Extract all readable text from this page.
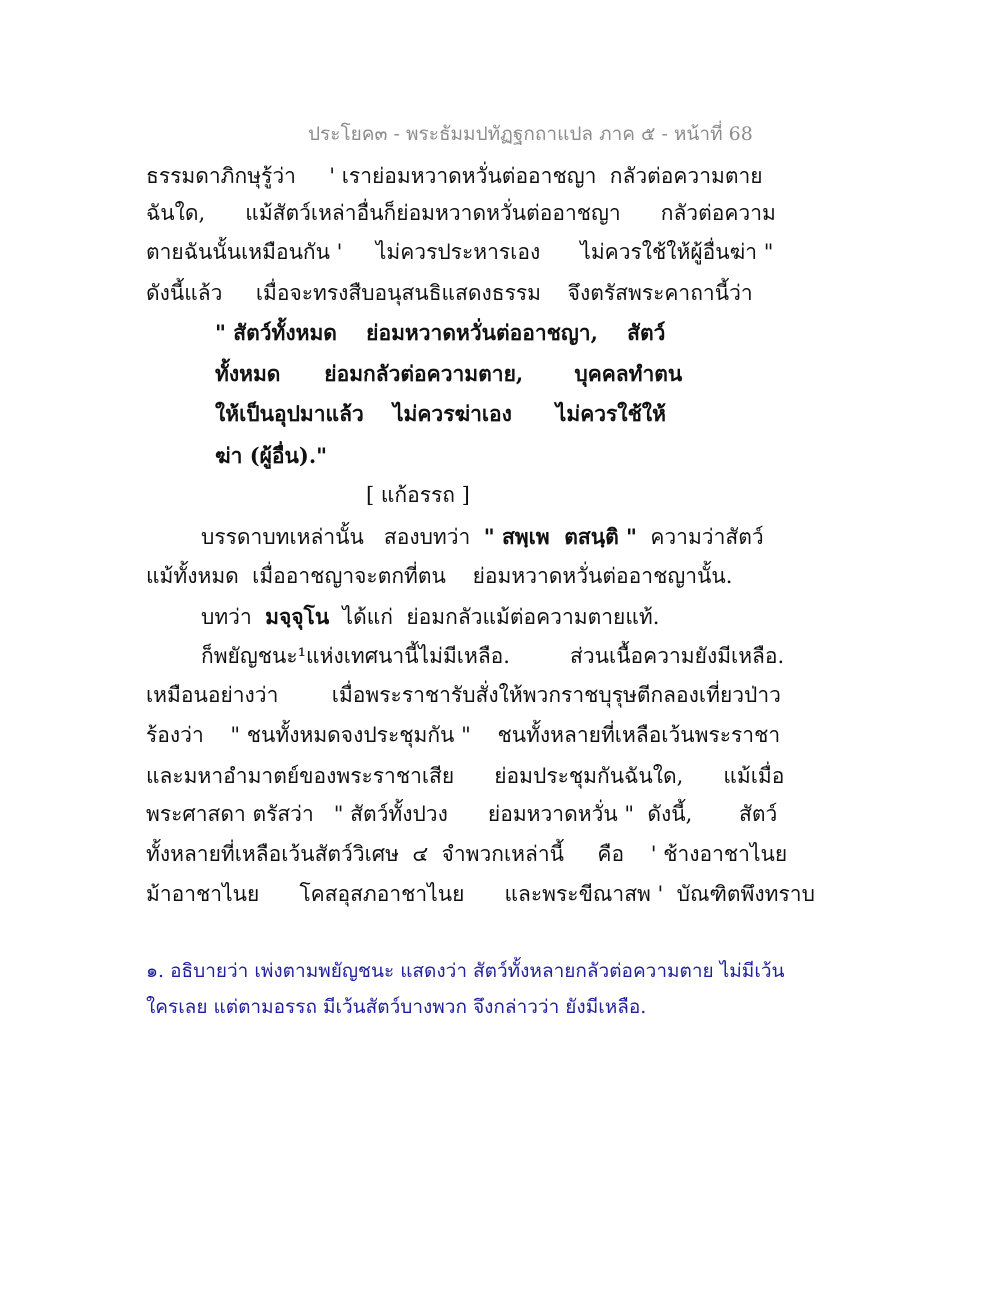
ประโยค๓ - พระธัมมปทัฏฐกถาแปล ภาค ๕ - หน้าที่ 68
ธรรมดาภิกษุรู้ว่า     ' เราย่อมหวาดหวั่นต่ออาชญา  กลัวต่อความตาย
ฉันใด,      แม้สัตว์เหล่าอื่นก็ย่อมหวาดหวั่นต่ออาชญา      กลัวต่อความ
ตายฉันนั้นเหมือนกัน '     ไม่ควรประหารเอง      ไม่ควรใช้ให้ผู้อื่นฆ่า "
ดังนี้แล้ว     เมื่อจะทรงสืบอนุสนธิแสดงธรรม    จึงตรัสพระคาถานี้ว่า
" สัตว์ทั้งหมด    ย่อมหวาดหวั่นต่ออาชญา,    สัตว์
ทั้งหมด      ย่อมกลัวต่อความตาย,       บุคคลทำตน
ให้เป็นอุปมาแล้ว    ไม่ควรฆ่าเอง      ไม่ควรใช้ให้
ฆ่า (ผู้อื่น)."
[ แก้อรรถ ]
บรรดาบทเหล่านั้น   สองบทว่า  " สพฺเพ  ตสนฺติ "  ความว่าสัตว์
แม้ทั้งหมด  เมื่ออาชญาจะตกที่ตน    ย่อมหวาดหวั่นต่ออาชญานั้น.
บทว่า  มจฺจุโน  ได้แก่  ย่อมกลัวแม้ต่อความตายแท้.
ก็พยัญชนะ¹แห่งเทศนานี้ไม่มีเหลือ.         ส่วนเนื้อความยังมีเหลือ.
เหมือนอย่างว่า        เมื่อพระราชารับสั่งให้พวกราชบุรุษตีกลองเที่ยวป่าว
ร้องว่า    " ชนทั้งหมดจงประชุมกัน "    ชนทั้งหลายที่เหลือเว้นพระราชา
และมหาอำมาตย์ของพระราชาเสีย      ย่อมประชุมกันฉันใด,      แม้เมื่อ
พระศาสดา ตรัสว่า   " สัตว์ทั้งปวง      ย่อมหวาดหวั่น "  ดังนี้,       สัตว์
ทั้งหลายที่เหลือเว้นสัตว์วิเศษ  ๔  จำพวกเหล่านี้     คือ    ' ช้างอาชาไนย
ม้าอาชาไนย      โคสอุสภอาชาไนย      และพระขีณาสพ '  บัณฑิตพึงทราบ
๑. อธิบายว่า เพ่งตามพยัญชนะ แสดงว่า สัตว์ทั้งหลายกลัวต่อความตาย ไม่มีเว้น
ใครเลย แต่ตามอรรถ มีเว้นสัตว์บางพวก จึงกล่าวว่า ยังมีเหลือ.
